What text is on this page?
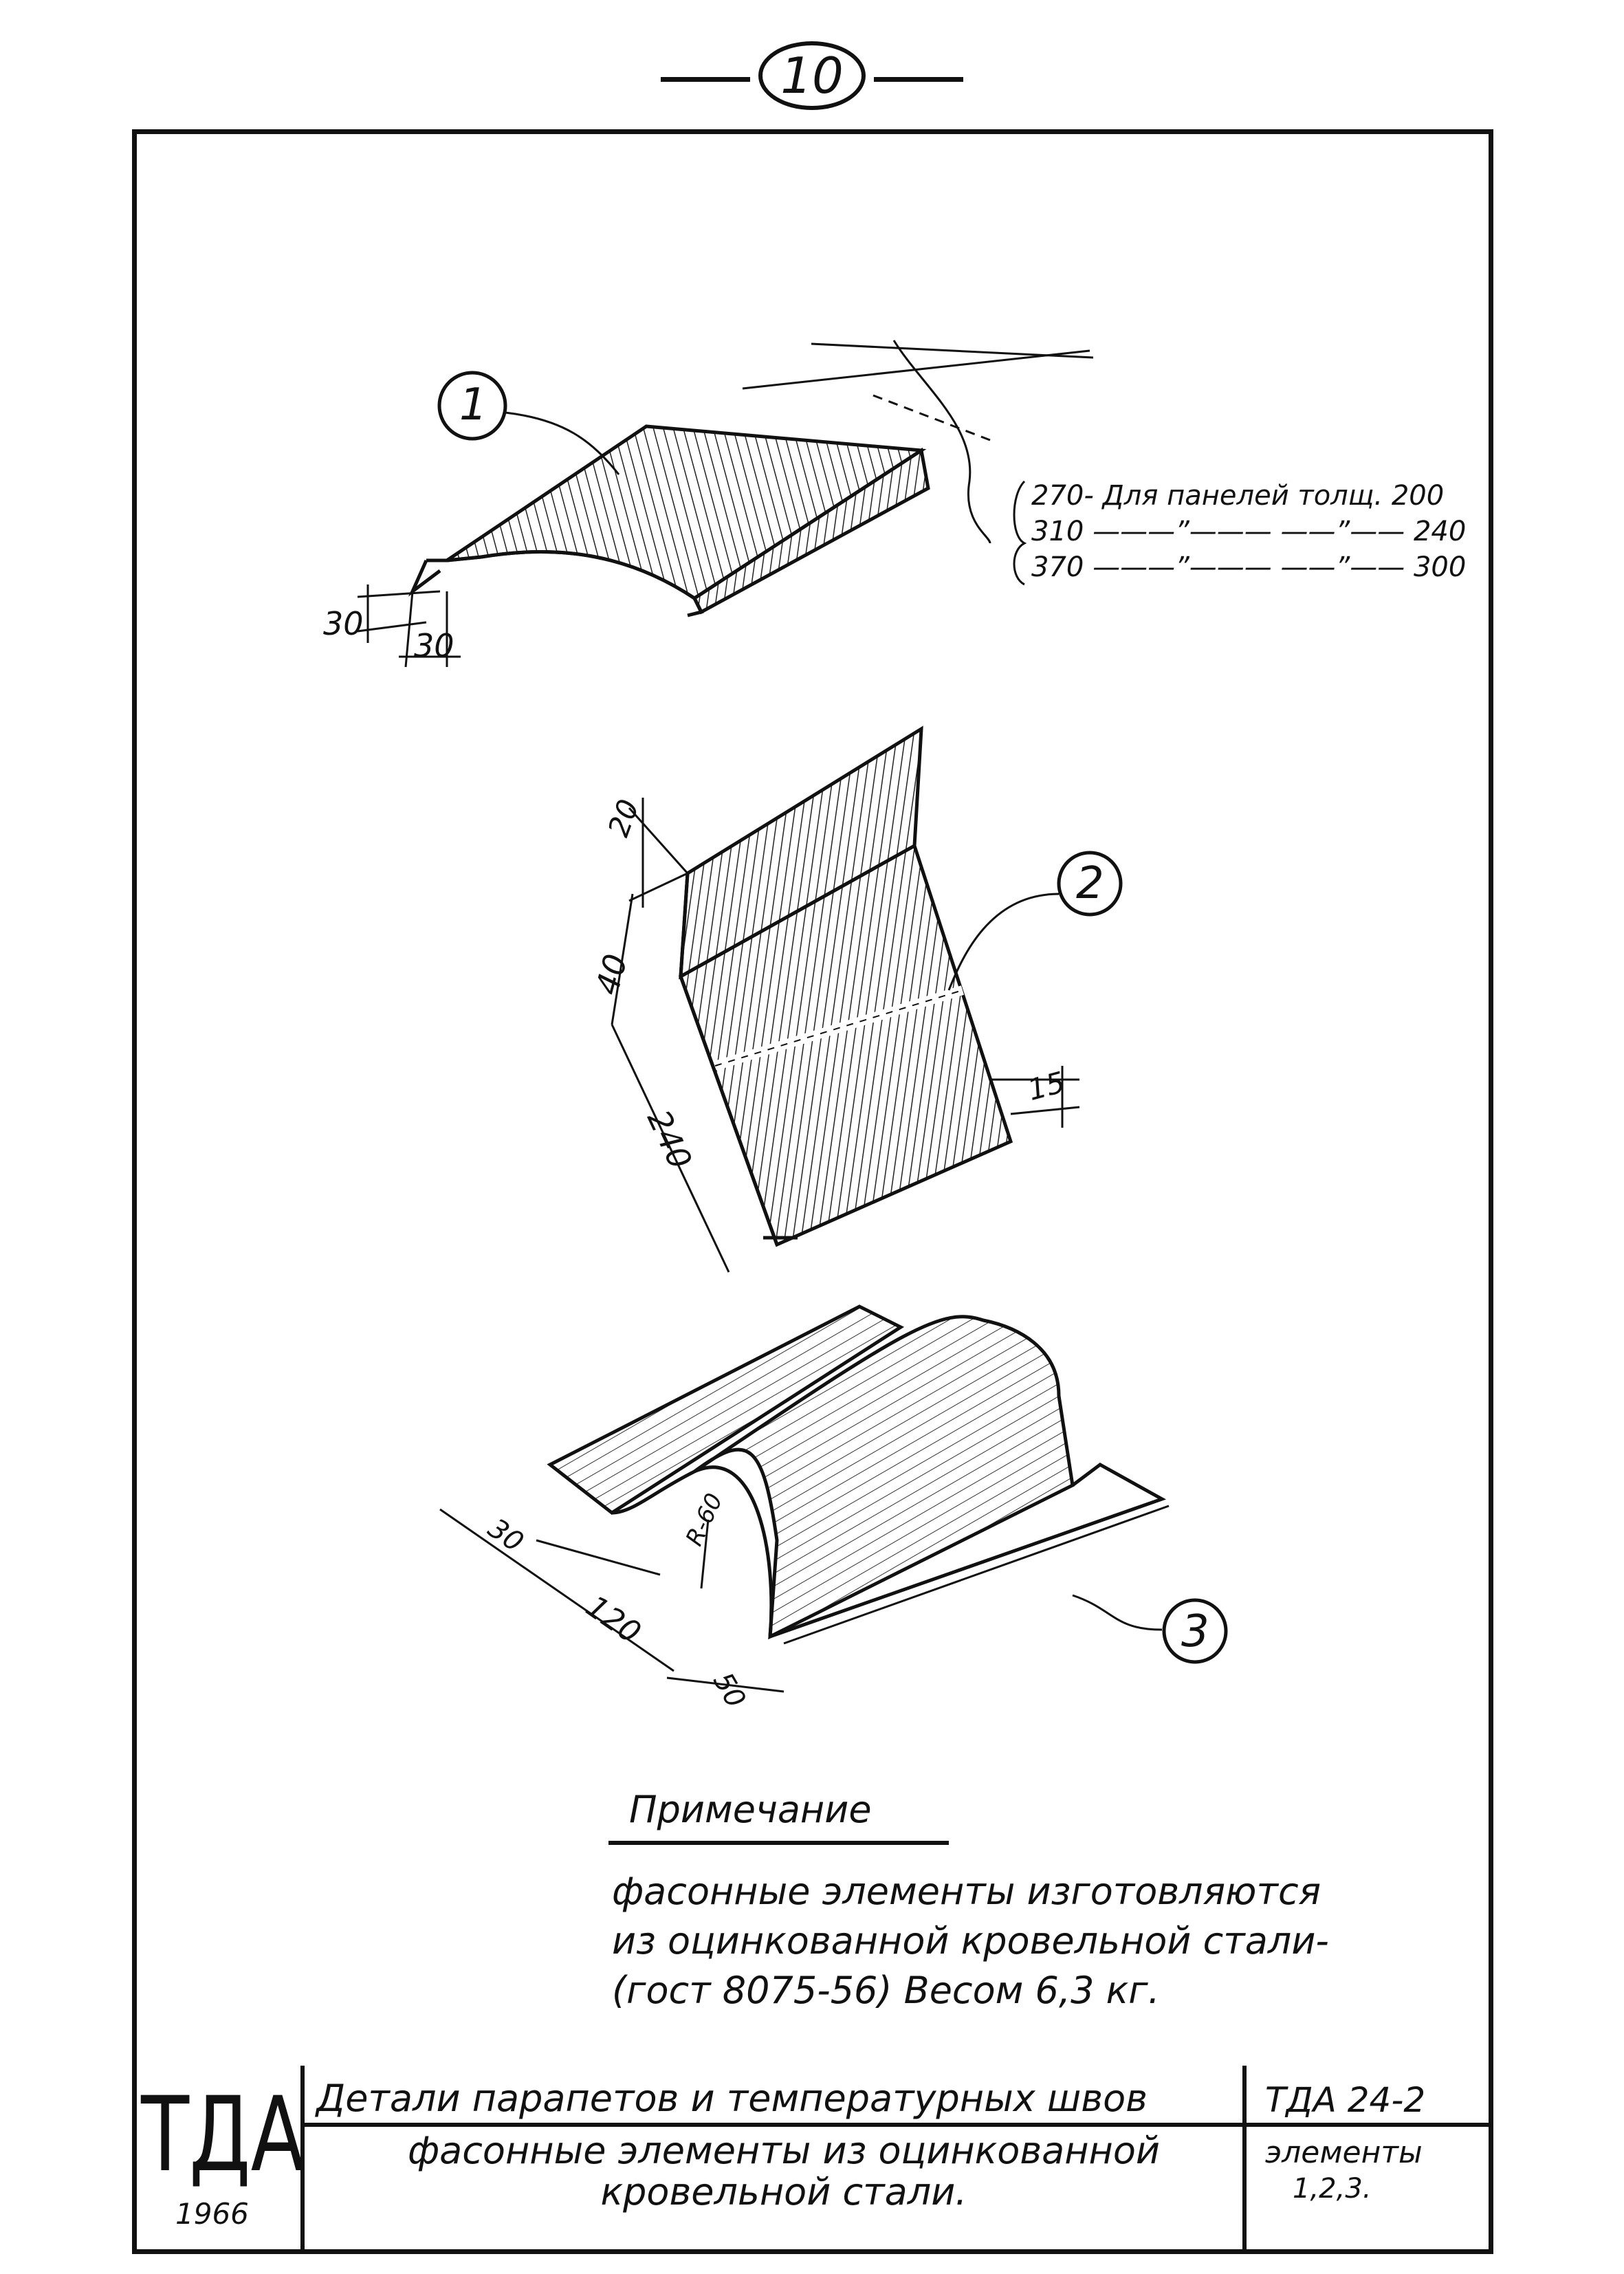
10
1
2
3
30
30
270- Для панелей толщ. 200
310 ———”——— ——”—— 240
370 ———”——— ——”—— 300
20
40
240
15
30
120
50
R-60
Примечание
фасонные элементы изготовляются
из оцинкованной кровельной стали-
(гост 8075-56) Весом 6,3 кг.
ТДА
1966
Детали парапетов и температурных швов
фасонные элементы из оцинкованной
кровельной стали.
ТДА 24-2
элементы
1,2,3.
